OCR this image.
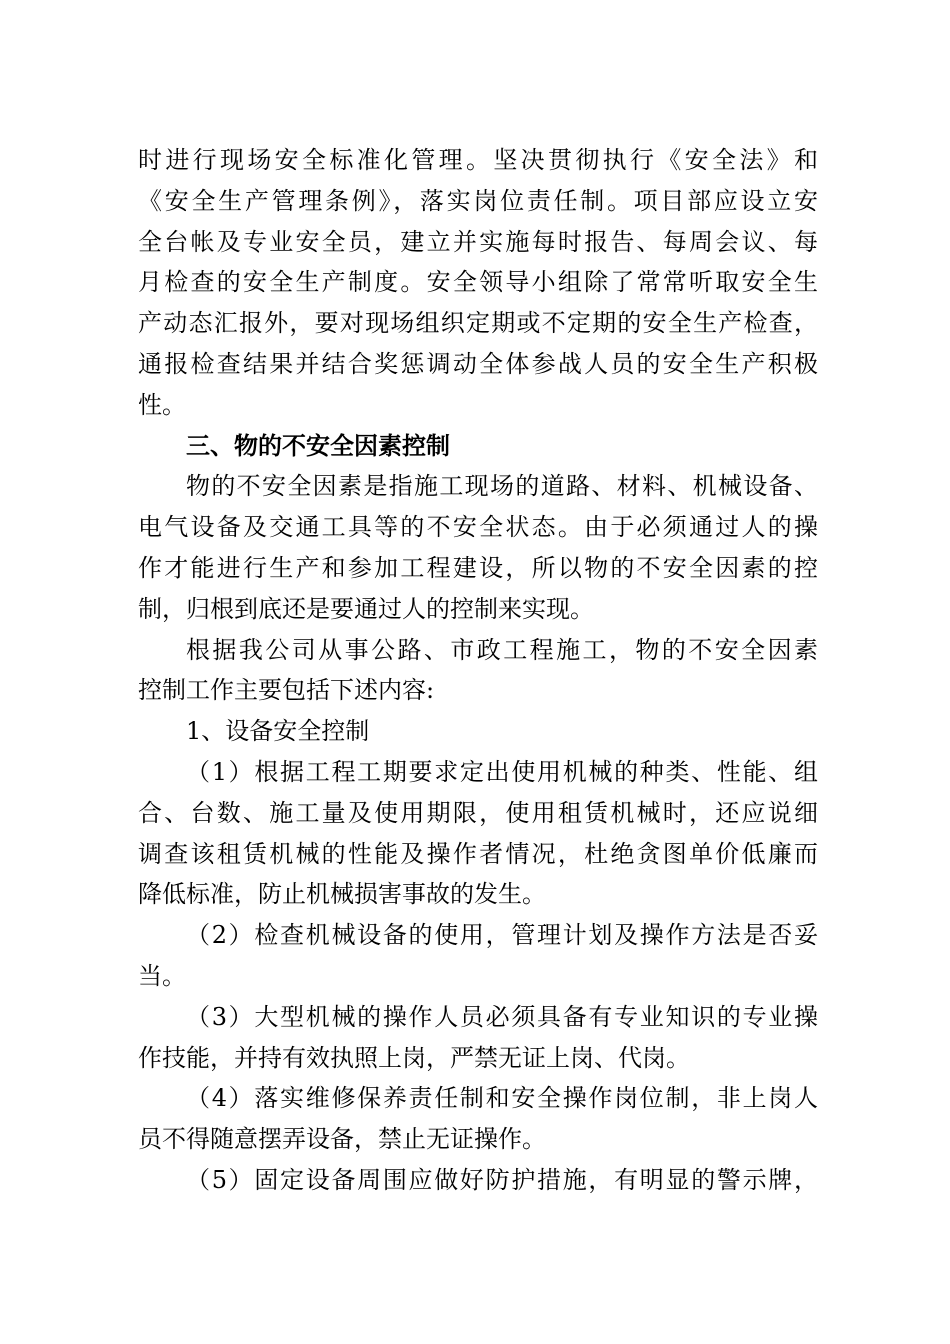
时进行现场安全标准化管理。坚决贯彻执行《安全法》和
《安全生产管理条例》，落实岗位责任制。项目部应设立安
全台帐及专业安全员，建立并实施每时报告、每周会议、每
月检查的安全生产制度。安全领导小组除了常常听取安全生
产动态汇报外，要对现场组织定期或不定期的安全生产检查，
通报检查结果并结合奖惩调动全体参战人员的安全生产积极
性。
三、物的不安全因素控制
物的不安全因素是指施工现场的道路、材料、机械设备、
电气设备及交通工具等的不安全状态。由于必须通过人的操
作才能进行生产和参加工程建设，所以物的不安全因素的控
制，归根到底还是要通过人的控制来实现。
根据我公司从事公路、市政工程施工，物的不安全因素
控制工作主要包括下述内容:
1、设备安全控制
（1）根据工程工期要求定出使用机械的种类、性能、组
合、台数、施工量及使用期限，使用租赁机械时，还应说细
调查该租赁机械的性能及操作者情况，杜绝贪图单价低廉而
降低标准，防止机械损害事故的发生。
（2）检查机械设备的使用，管理计划及操作方法是否妥
当。
（3）大型机械的操作人员必须具备有专业知识的专业操
作技能，并持有效执照上岗，严禁无证上岗、代岗。
（4）落实维修保养责任制和安全操作岗位制，非上岗人
员不得随意摆弄设备，禁止无证操作。
（5）固定设备周围应做好防护措施，有明显的警示牌，
